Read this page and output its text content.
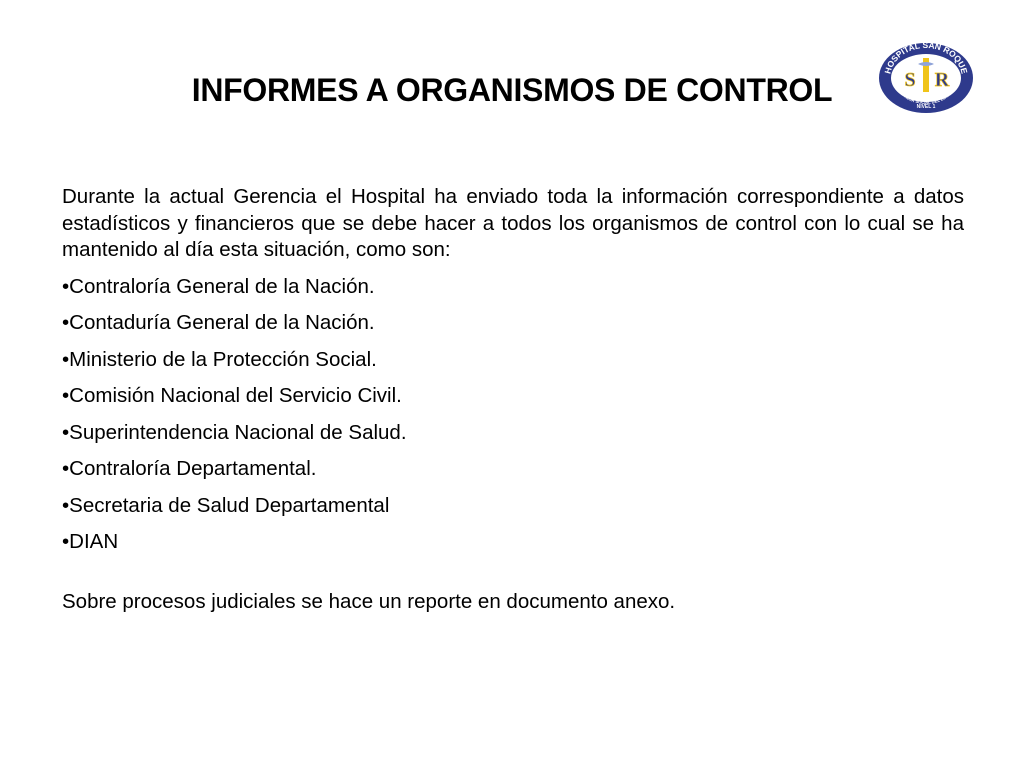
INFORMES A ORGANISMOS DE CONTROL
HOSPITAL SAN ROQUE
EMPRESA SOCIAL DEL ESTADO
S R
NIVEL 1

Durante la actual Gerencia el Hospital ha enviado toda la información correspondiente a datos estadísticos y financieros que se debe hacer a todos los organismos de control con lo cual se ha mantenido al día esta situación, como son:

•Contraloría General de la Nación.
•Contaduría General de la Nación.
•Ministerio de la Protección Social.
•Comisión Nacional del Servicio Civil.
•Superintendencia Nacional de Salud.
•Contraloría Departamental.
•Secretaria de Salud Departamental
•DIAN

Sobre procesos judiciales se hace un reporte en documento anexo.
